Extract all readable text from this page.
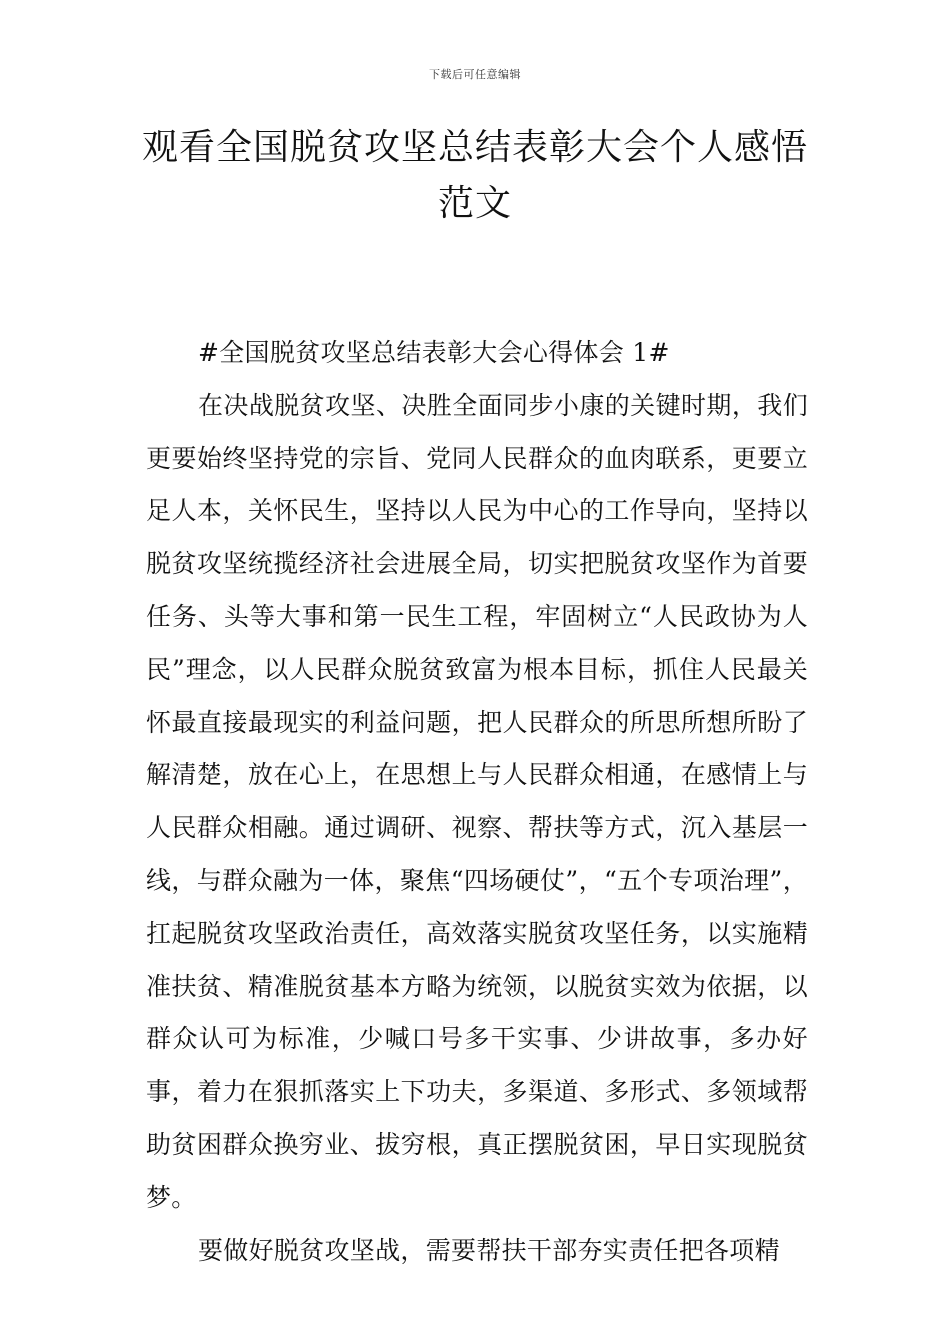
下载后可任意编辑
观看全国脱贫攻坚总结表彰大会个人感悟
范文

#全国脱贫攻坚总结表彰大会心得体会 1#

在决战脱贫攻坚、决胜全面同步小康的关键时期，我们更要始终坚持党的宗旨、党同人民群众的血肉联系，更要立足人本，关怀民生，坚持以人民为中心的工作导向，坚持以脱贫攻坚统揽经济社会进展全局，切实把脱贫攻坚作为首要任务、头等大事和第一民生工程，牢固树立“人民政协为人民”理念，以人民群众脱贫致富为根本目标，抓住人民最关怀最直接最现实的利益问题，把人民群众的所思所想所盼了解清楚，放在心上，在思想上与人民群众相通，在感情上与人民群众相融。通过调研、视察、帮扶等方式，沉入基层一线，与群众融为一体，聚焦“四场硬仗”，“五个专项治理”，扛起脱贫攻坚政治责任，高效落实脱贫攻坚任务，以实施精准扶贫、精准脱贫基本方略为统领，以脱贫实效为依据，以群众认可为标准，少喊口号多干实事、少讲故事，多办好事，着力在狠抓落实上下功夫，多渠道、多形式、多领域帮助贫困群众换穷业、拔穷根，真正摆脱贫困，早日实现脱贫梦。

要做好脱贫攻坚战，需要帮扶干部夯实责任把各项精
